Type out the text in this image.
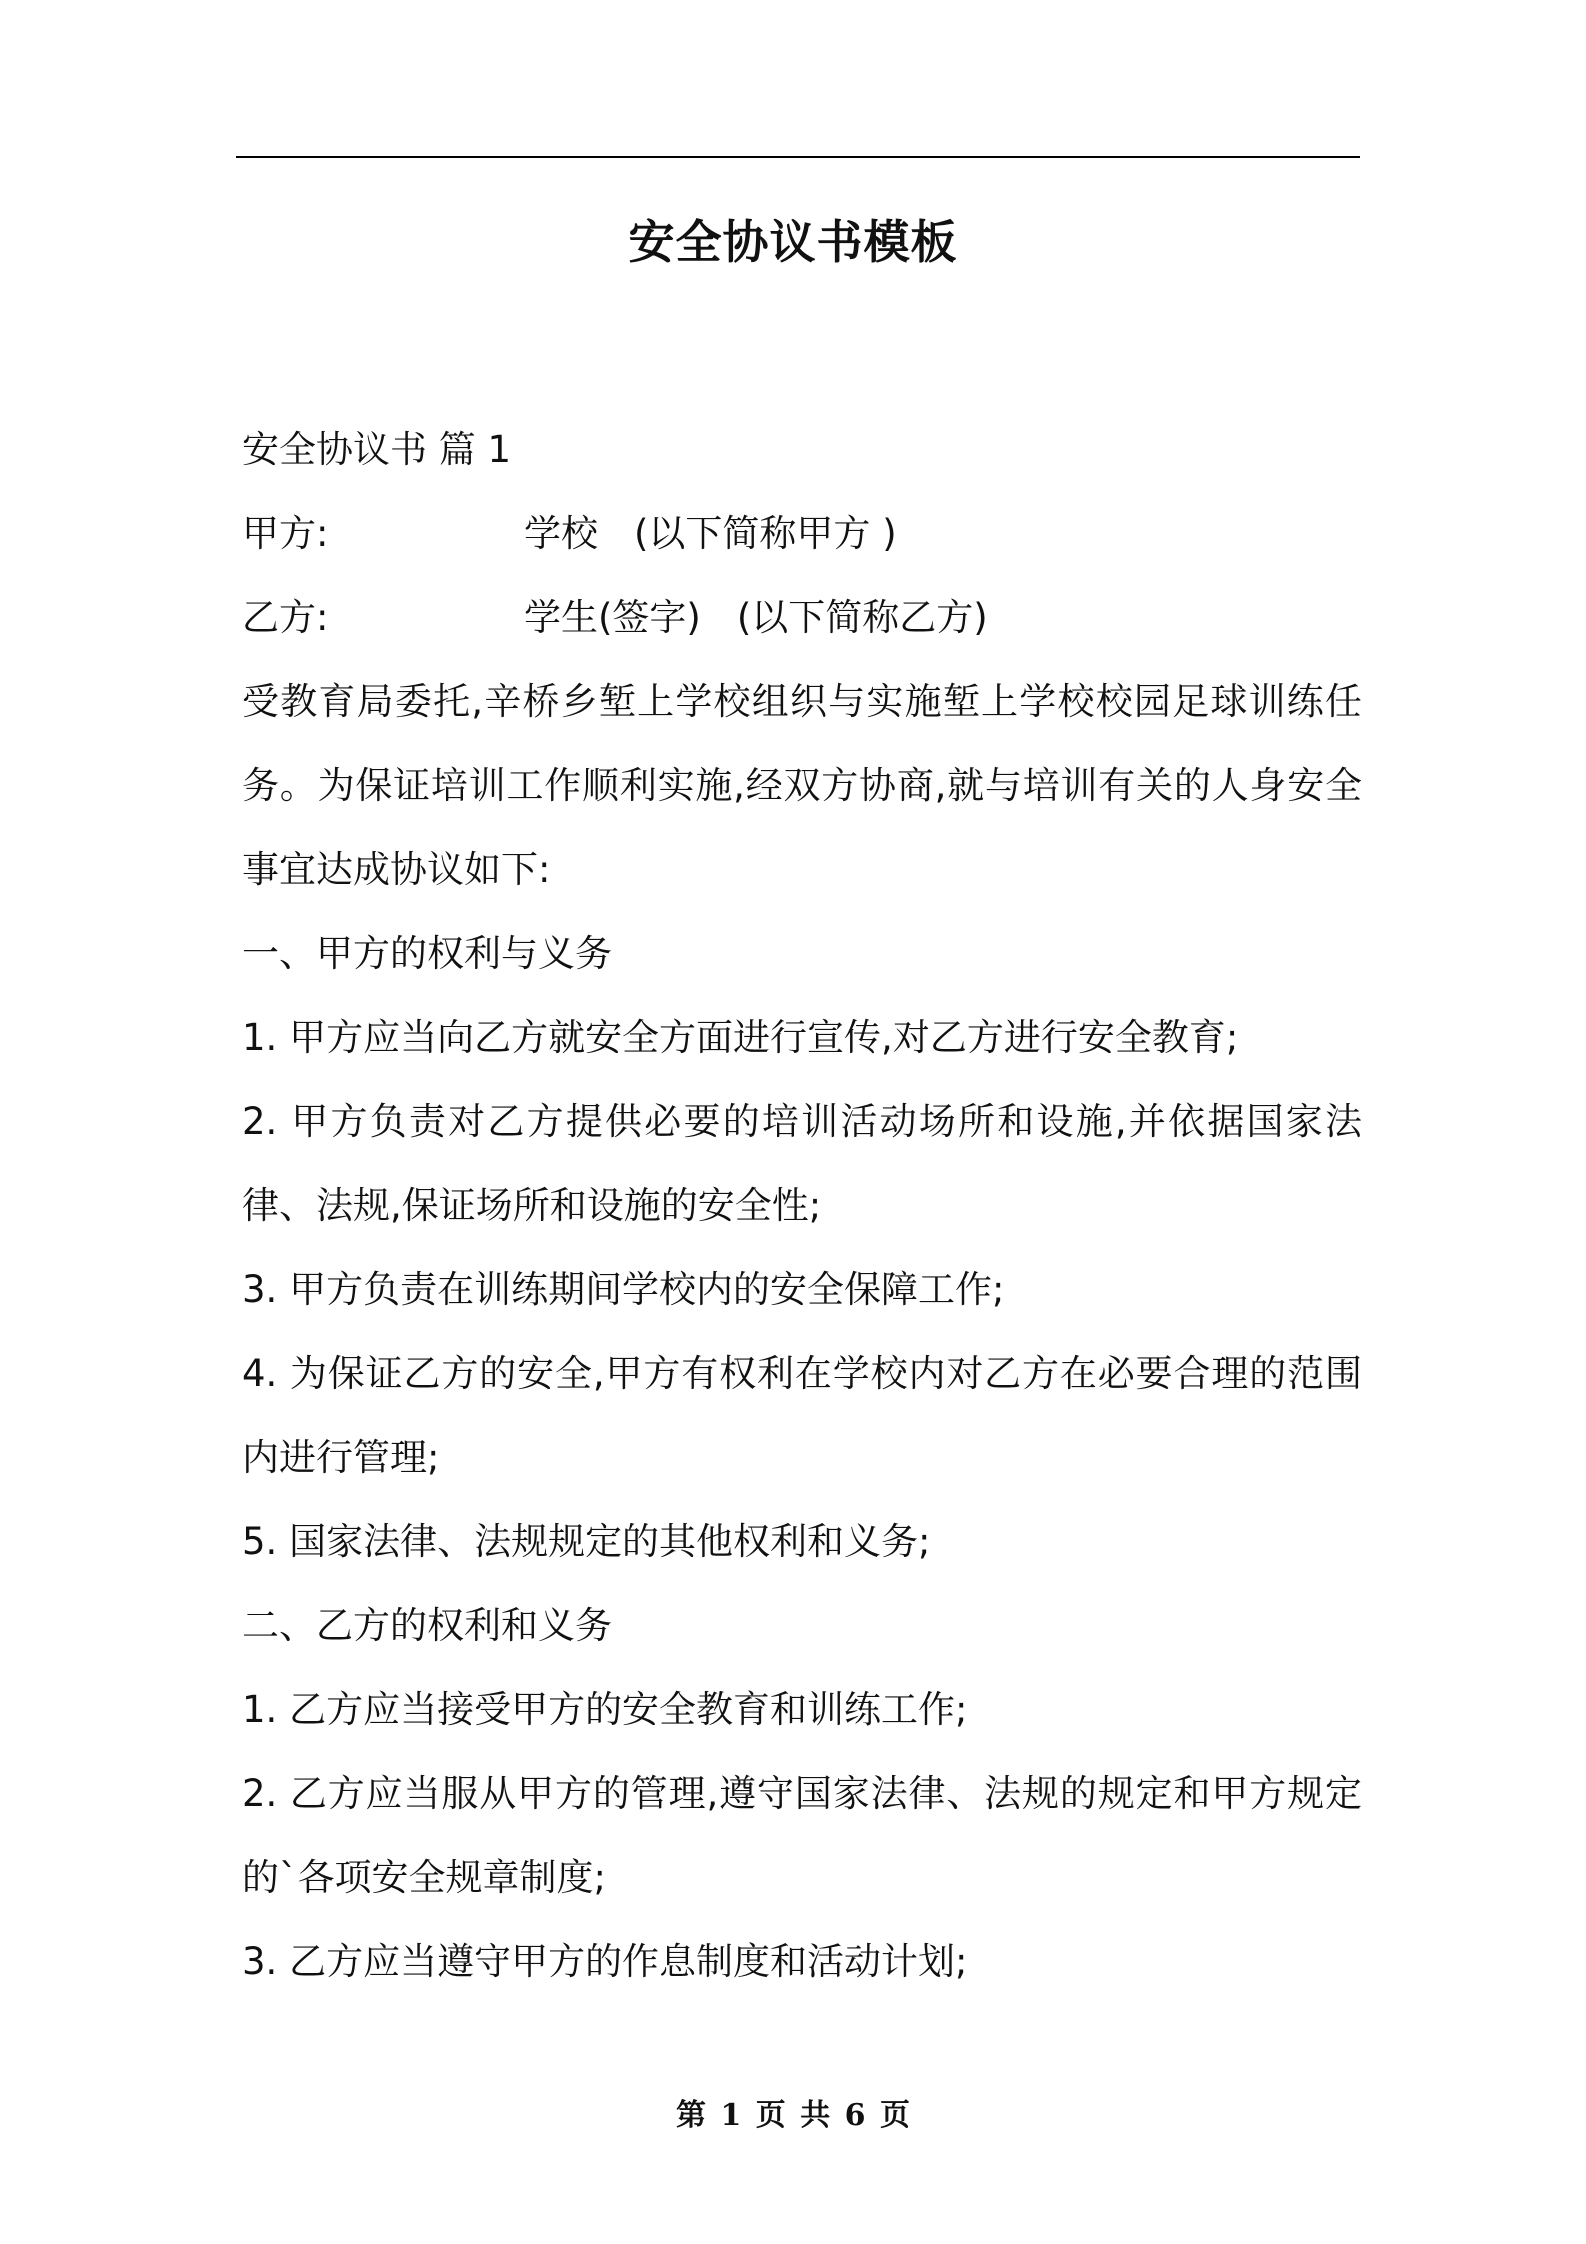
安全协议书模板
安全协议书 篇 1
甲方:	学校 (以下简称甲方 )
乙方:	学生(签字) (以下简称乙方)
受教育局委托,辛桥乡堑上学校组织与实施堑上学校校园足球训练任务。为保证培训工作顺利实施,经双方协商,就与培训有关的人身安全事宜达成协议如下:
一、甲方的权利与义务
1. 甲方应当向乙方就安全方面进行宣传,对乙方进行安全教育;
2. 甲方负责对乙方提供必要的培训活动场所和设施,并依据国家法律、法规,保证场所和设施的安全性;
3. 甲方负责在训练期间学校内的安全保障工作;
4. 为保证乙方的安全,甲方有权利在学校内对乙方在必要合理的范围内进行管理;
5. 国家法律、法规规定的其他权利和义务;
二、乙方的权利和义务
1. 乙方应当接受甲方的安全教育和训练工作;
2. 乙方应当服从甲方的管理,遵守国家法律、法规的规定和甲方规定的`各项安全规章制度;
3. 乙方应当遵守甲方的作息制度和活动计划;
第 1 页 共 6 页
